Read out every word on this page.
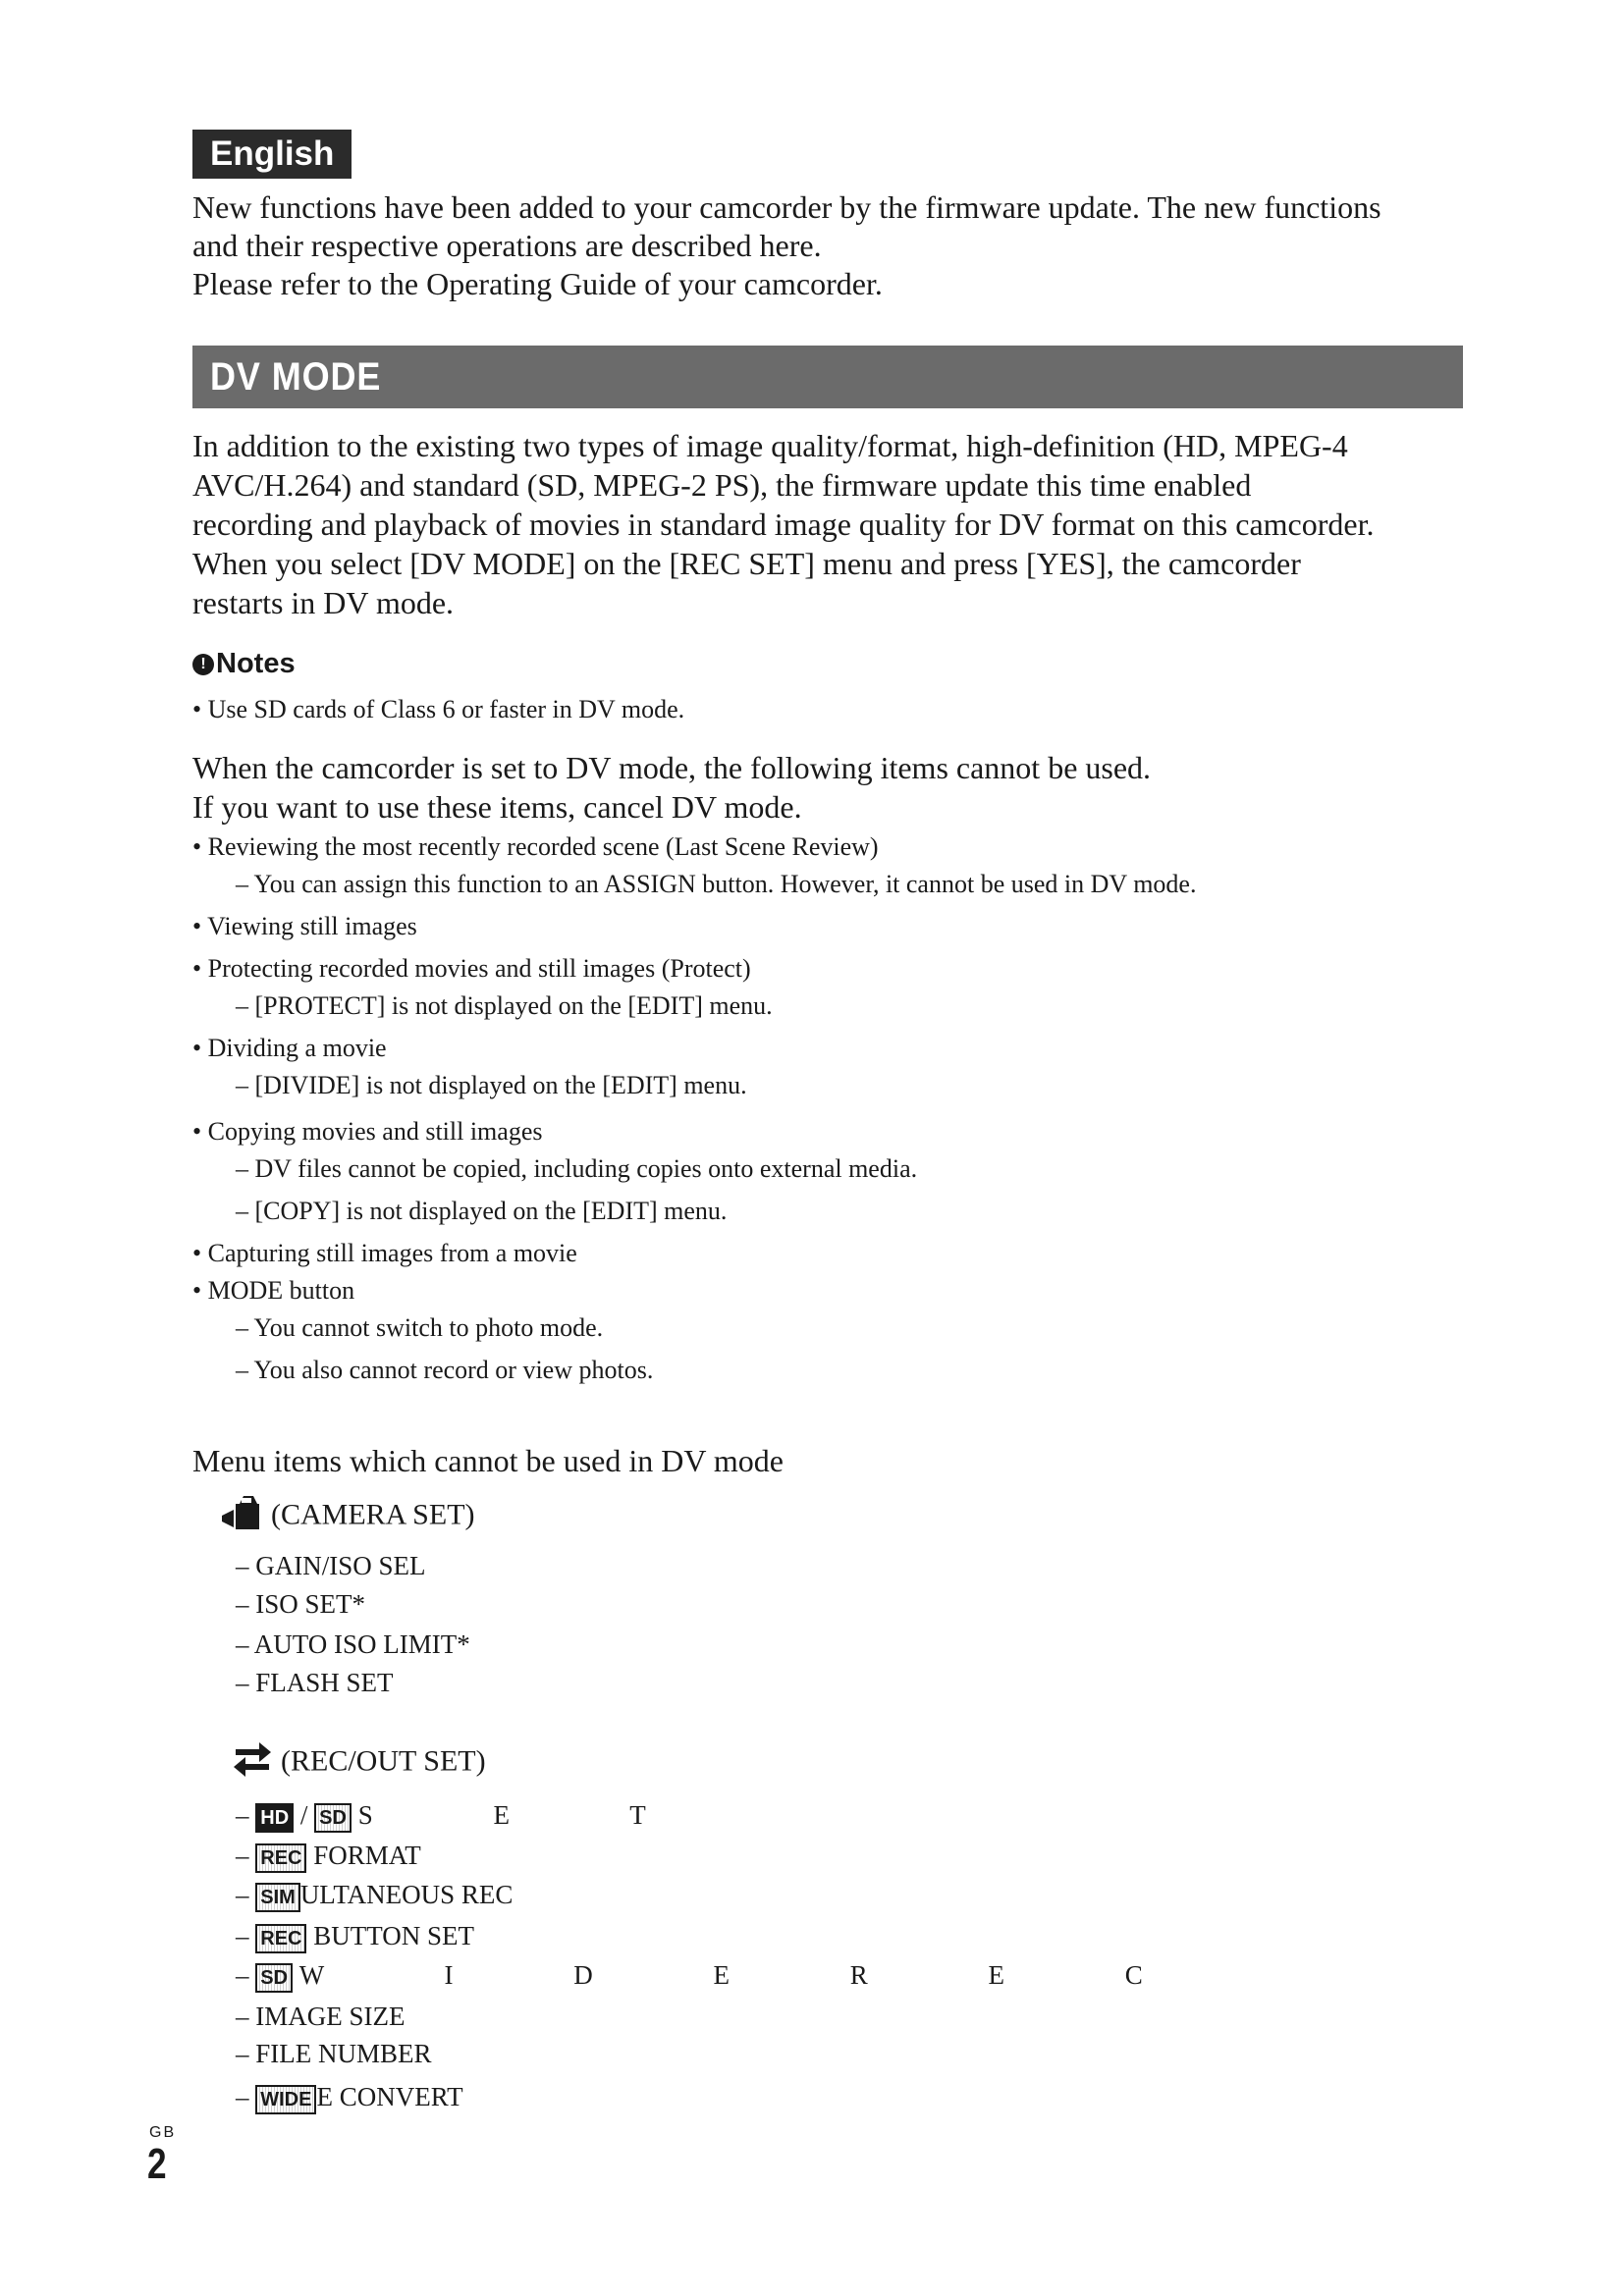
English

New functions have been added to your camcorder by the firmware update. The new functions

and their respective operations are described here.

Please refer to the Operating Guide of your camcorder.

DV MODE

In addition to the existing two types of image quality/format, high-definition (HD, MPEG-4

AVC/H.264) and standard (SD, MPEG-2 PS), the firmware update this time enabled

recording and playback of movies in standard image quality for DV format on this camcorder.

When you select [DV MODE] on the [REC SET] menu and press [YES], the camcorder

restarts in DV mode.

! Notes
• Use SD cards of Class 6 or faster in DV mode.

When the camcorder is set to DV mode, the following items cannot be used.

If you want to use these items, cancel DV mode.

• Reviewing the most recently recorded scene (Last Scene Review)
– You can assign this function to an ASSIGN button. However, it cannot be used in DV mode.
• Viewing still images
• Protecting recorded movies and still images (Protect)
– [PROTECT] is not displayed on the [EDIT] menu.
• Dividing a movie
– [DIVIDE] is not displayed on the [EDIT] menu.
• Copying movies and still images
– DV files cannot be copied, including copies onto external media.
– [COPY] is not displayed on the [EDIT] menu.
• Capturing still images from a movie
• MODE button
– You cannot switch to photo mode.
– You also cannot record or view photos.
Menu items which cannot be used in DV mode
(CAMERA SET)
– GAIN/ISO SEL
– ISO SET*
– AUTO ISO LIMIT*
– FLASH SET
(REC/OUT SET)
– HD / SD S E T
– REC FORMAT
– SIM ULTANEOUS REC
– REC BUTTON SET
– SD W I D E R E C
– IMAGE SIZE
– FILE NUMBER
– WIDE E CONVERT
GB
2
